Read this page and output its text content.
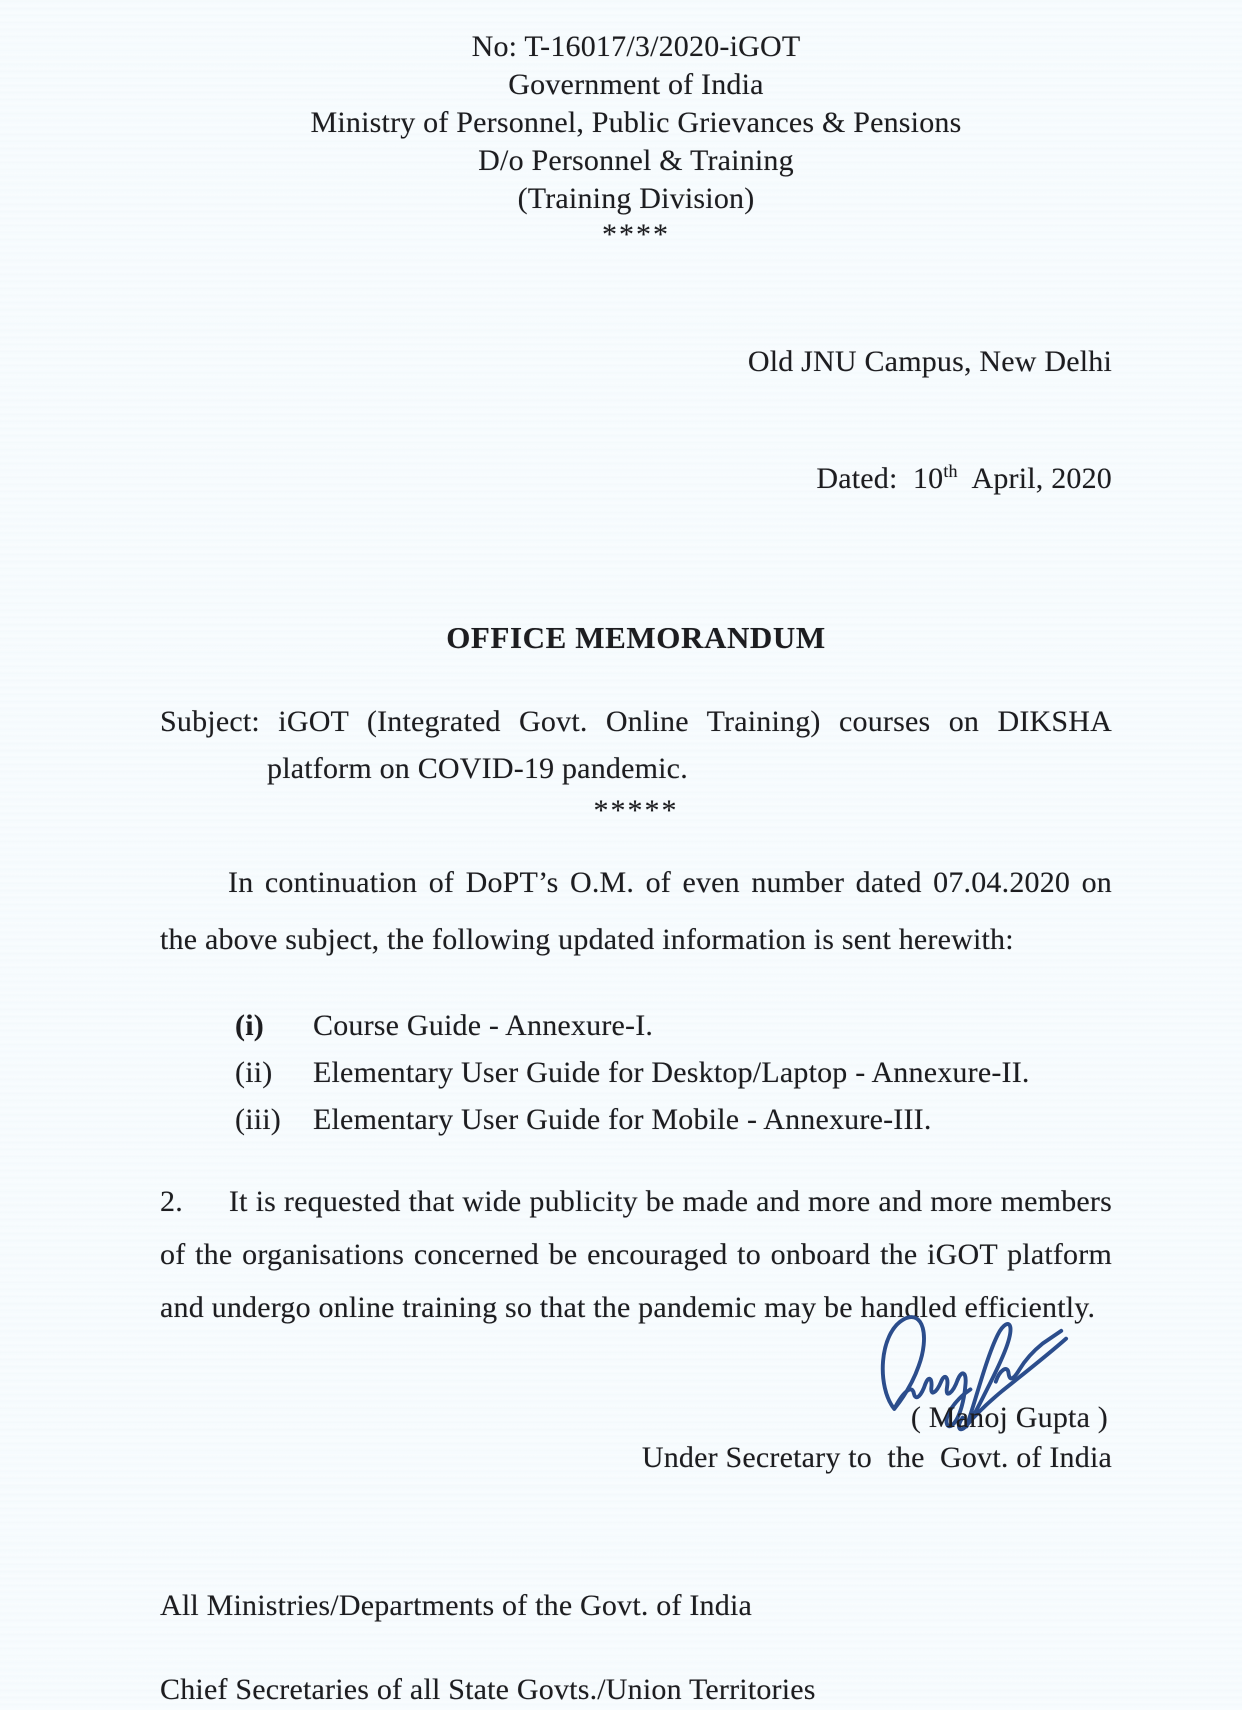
No: T-16017/3/2020-iGOT
Government of India
Ministry of Personnel, Public Grievances & Pensions
D/o Personnel & Training
(Training Division)
****

Old JNU Campus, New Delhi

Dated:  10th  April, 2020

OFFICE MEMORANDUM
Subject: iGOT (Integrated Govt. Online Training) courses on DIKSHA
platform on COVID-19 pandemic.
*****
In continuation of DoPT’s O.M. of even number dated 07.04.2020 on the above subject, the following updated information is sent herewith:
(i)	Course Guide - Annexure-I.
(ii)	Elementary User Guide for Desktop/Laptop - Annexure-II.
(iii)	Elementary User Guide for Mobile - Annexure-III.
2. It is requested that wide publicity be made and more and more members of the organisations concerned be encouraged to onboard the iGOT platform and undergo online training so that the pandemic may be handled efficiently.
( Manoj Gupta )
Under Secretary to  the  Govt. of India
All Ministries/Departments of the Govt. of India
Chief Secretaries of all State Govts./Union Territories
